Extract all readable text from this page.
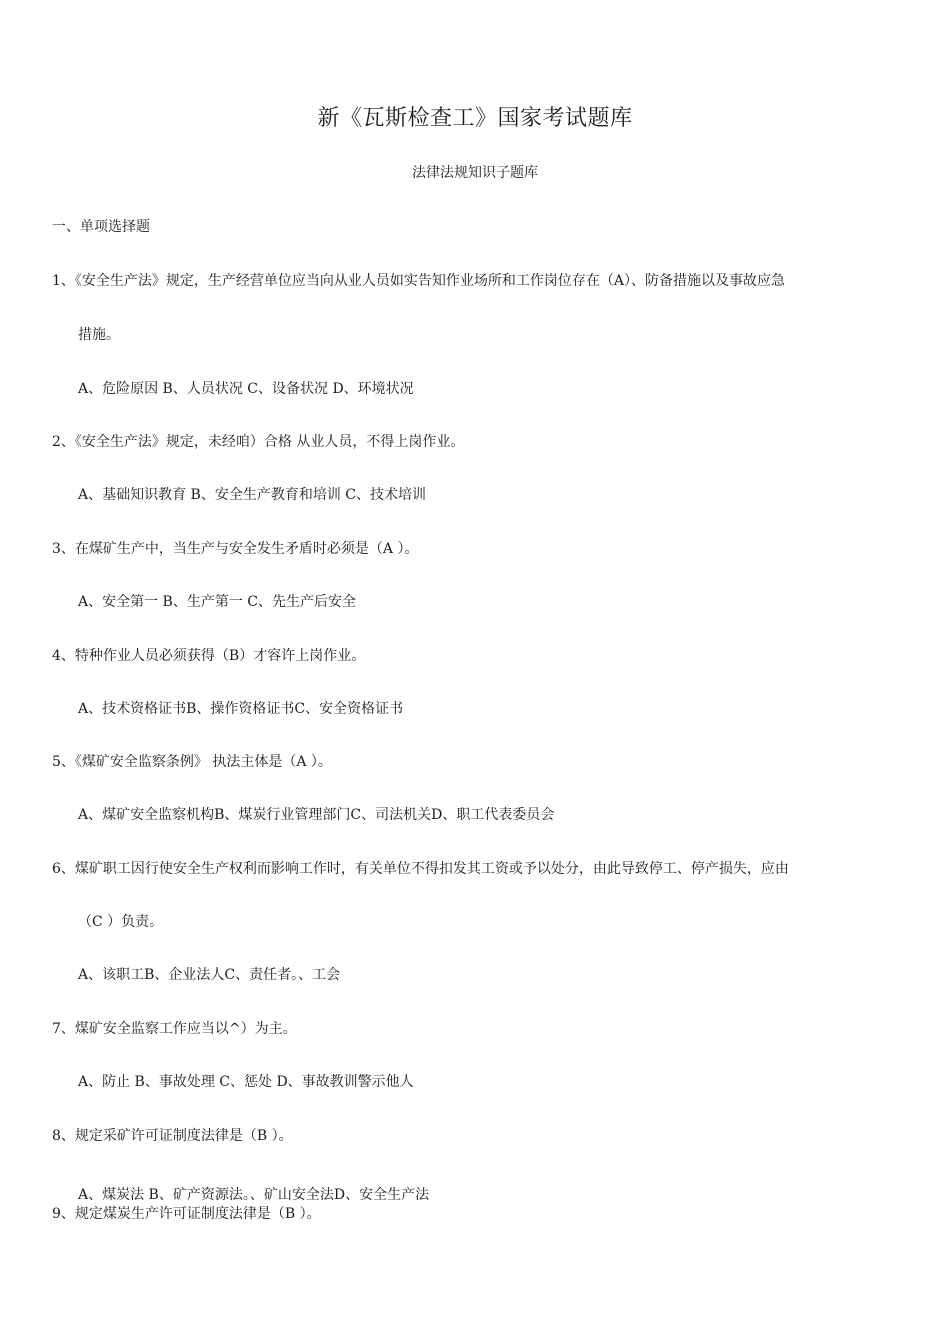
新《瓦斯检查工》国家考试题库
法律法规知识子题库
一、单项选择题
1、《安全生产法》规定，生产经营单位应当向从业人员如实告知作业场所和工作岗位存在（A）、防备措施以及事故应急
措施。
A、危险原因 B、人员状况 C、设备状况 D、环境状况
2、《安全生产法》规定，未经咱）合格 从业人员，不得上岗作业。
A、基础知识教育 B、安全生产教育和培训 C、技术培训
3、在煤矿生产中，当生产与安全发生矛盾时必须是（A ）。
A、安全第一 B、生产第一 C、先生产后安全
4、特种作业人员必须获得（B）才容许上岗作业。
A、技术资格证书B、操作资格证书C、安全资格证书
5、《煤矿安全监察条例》 执法主体是（A ）。
A、煤矿安全监察机构B、煤炭行业管理部门C、司法机关D、职工代表委员会
6、煤矿职工因行使安全生产权利而影响工作时，有关单位不得扣发其工资或予以处分，由此导致停工、停产损失，应由
（C ）负责。
A、该职工B、企业法人C、责任者。、工会
7、煤矿安全监察工作应当以^）为主。
A、防止 B、事故处理 C、惩处 D、事故教训警示他人
8、规定采矿许可证制度法律是（B ）。
A、煤炭法 B、矿产资源法。、矿山安全法D、安全生产法
9、规定煤炭生产许可证制度法律是（B ）。
